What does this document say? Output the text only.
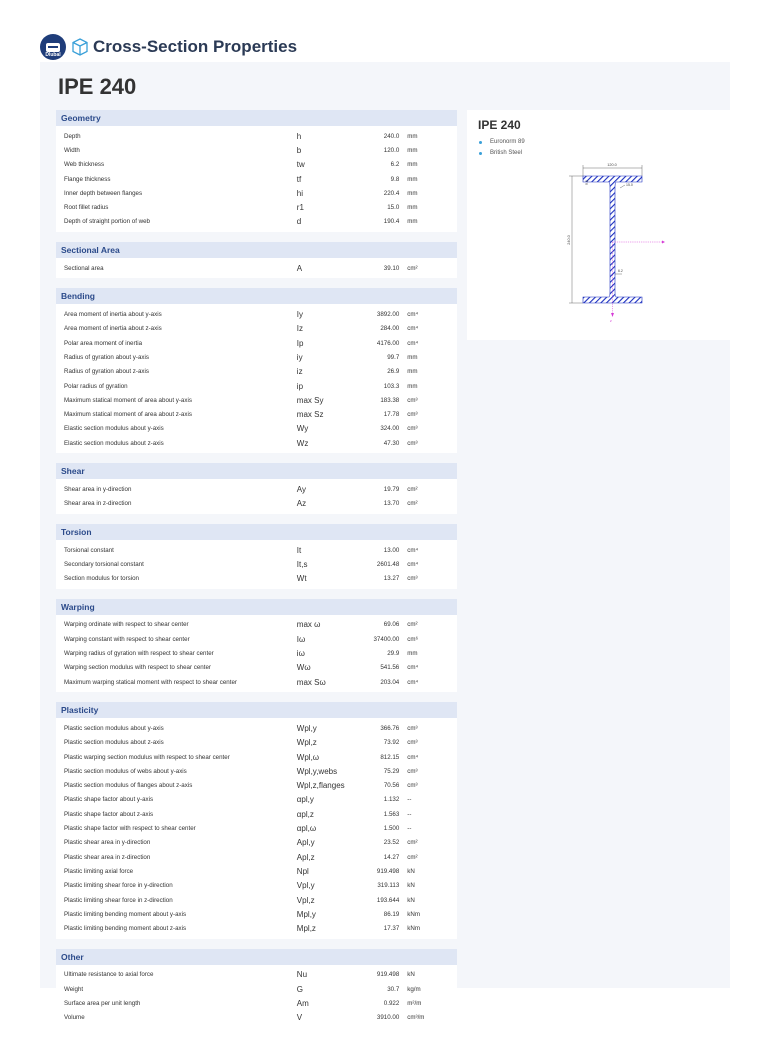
Dlubal	Cross-Section Properties
IPE 240
Geometry
Depth	h	240.0	mm
Width	b	120.0	mm
Web thickness	tw	6.2	mm
Flange thickness	tf	9.8	mm
Inner depth between flanges	hi	220.4	mm
Root fillet radius	r1	15.0	mm
Depth of straight portion of web	d	190.4	mm
Sectional Area
Sectional area	A	39.10	cm²
Bending
Area moment of inertia about y-axis	Iy	3892.00	cm⁴
Area moment of inertia about z-axis	Iz	284.00	cm⁴
Polar area moment of inertia	Ip	4176.00	cm⁴
Radius of gyration about y-axis	iy	99.7	mm
Radius of gyration about z-axis	iz	26.9	mm
Polar radius of gyration	ip	103.3	mm
Maximum statical moment of area about y-axis	max Sy	183.38	cm³
Maximum statical moment of area about z-axis	max Sz	17.78	cm³
Elastic section modulus about y-axis	Wy	324.00	cm³
Elastic section modulus about z-axis	Wz	47.30	cm³
Shear
Shear area in y-direction	Ay	19.79	cm²
Shear area in z-direction	Az	13.70	cm²
Torsion
Torsional constant	It	13.00	cm⁴
Secondary torsional constant	It,s	2601.48	cm⁴
Section modulus for torsion	Wt	13.27	cm³
Warping
Warping ordinate with respect to shear center	max ω	69.06	cm²
Warping constant with respect to shear center	Iω	37400.00	cm⁶
Warping radius of gyration with respect to shear center	iω	29.9	mm
Warping section modulus with respect to shear center	Wω	541.56	cm⁴
Maximum warping statical moment with respect to shear center	max Sω	203.04	cm⁴
Plasticity
Plastic section modulus about y-axis	Wpl,y	366.76	cm³
Plastic section modulus about z-axis	Wpl,z	73.92	cm³
Plastic warping section modulus with respect to shear center	Wpl,ω	812.15	cm⁴
Plastic section modulus of webs about y-axis	Wpl,y,webs	75.29	cm³
Plastic section modulus of flanges about z-axis	Wpl,z,flanges	70.56	cm³
Plastic shape factor about y-axis	αpl,y	1.132	--
Plastic shape factor about z-axis	αpl,z	1.563	--
Plastic shape factor with respect to shear center	αpl,ω	1.500	--
Plastic shear area in y-direction	Apl,y	23.52	cm²
Plastic shear area in z-direction	Apl,z	14.27	cm²
Plastic limiting axial force	Npl	919.498	kN
Plastic limiting shear force in y-direction	Vpl,y	319.113	kN
Plastic limiting shear force in z-direction	Vpl,z	193.644	kN
Plastic limiting bending moment about y-axis	Mpl,y	86.19	kNm
Plastic limiting bending moment about z-axis	Mpl,z	17.37	kNm
Other
Ultimate resistance to axial force	Nu	919.498	kN
Weight	G	30.7	kg/m
Surface area per unit length	Am	0.922	m²/m
Volume	V	3910.00	cm³/m
IPE 240
Euronorm 89
British Steel
120.0
240.0
9.8	15.0
6.2
z
